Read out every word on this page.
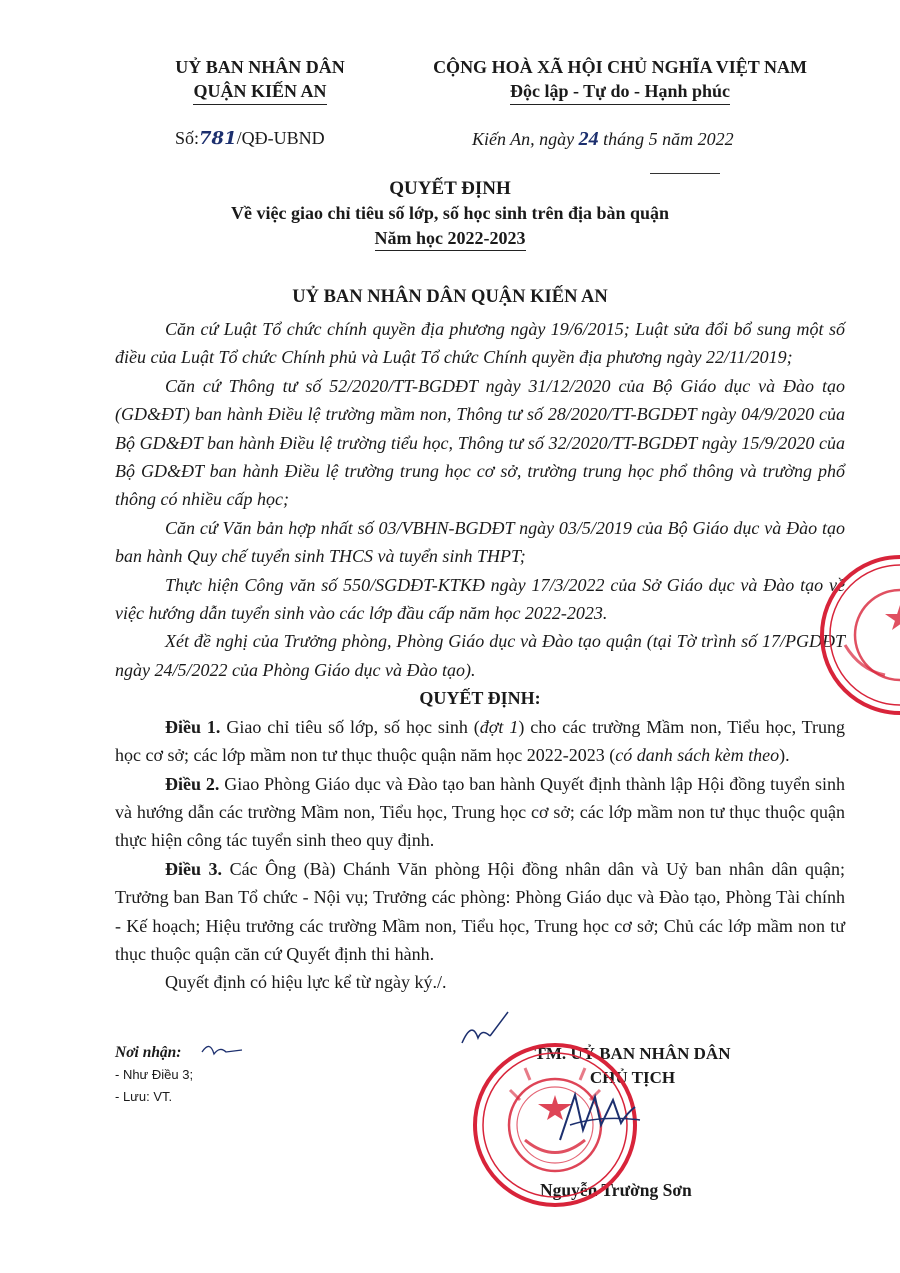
UỶ BAN NHÂN DÂN
QUẬN KIẾN AN
CỘNG HOÀ XÃ HỘI CHỦ NGHĨA VIỆT NAM
Độc lập - Tự do - Hạnh phúc
Số:781/QĐ-UBND	Kiến An, ngày 24 tháng 5 năm 2022
QUYẾT ĐỊNH
Về việc giao chỉ tiêu số lớp, số học sinh trên địa bàn quận
Năm học 2022-2023
UỶ BAN NHÂN DÂN QUẬN KIẾN AN

Căn cứ Luật Tổ chức chính quyền địa phương ngày 19/6/2015; Luật sửa đổi bổ sung một số điều của Luật Tổ chức Chính phủ và Luật Tổ chức Chính quyền địa phương ngày 22/11/2019;

Căn cứ Thông tư số 52/2020/TT-BGDĐT ngày 31/12/2020 của Bộ Giáo dục và Đào tạo (GD&ĐT) ban hành Điều lệ trường mầm non, Thông tư số 28/2020/TT-BGDĐT ngày 04/9/2020 của Bộ GD&ĐT ban hành Điều lệ trường tiểu học, Thông tư số 32/2020/TT-BGDĐT ngày 15/9/2020 của Bộ GD&ĐT ban hành Điều lệ trường trung học cơ sở, trường trung học phổ thông và trường phổ thông có nhiều cấp học;

Căn cứ Văn bản hợp nhất số 03/VBHN-BGDĐT ngày 03/5/2019 của Bộ Giáo dục và Đào tạo ban hành Quy chế tuyển sinh THCS và tuyển sinh THPT;

Thực hiện Công văn số 550/SGDĐT-KTKĐ ngày 17/3/2022 của Sở Giáo dục và Đào tạo về việc hướng dẫn tuyển sinh vào các lớp đầu cấp năm học 2022-2023.

Xét đề nghị của Trưởng phòng, Phòng Giáo dục và Đào tạo quận (tại Tờ trình số 17/PGDĐT ngày 24/5/2022 của Phòng Giáo dục và Đào tạo).

QUYẾT ĐỊNH:

Điều 1. Giao chỉ tiêu số lớp, số học sinh (đợt 1) cho các trường Mầm non, Tiểu học, Trung học cơ sở; các lớp mầm non tư thục thuộc quận năm học 2022-2023 (có danh sách kèm theo).

Điều 2. Giao Phòng Giáo dục và Đào tạo ban hành Quyết định thành lập Hội đồng tuyển sinh và hướng dẫn các trường Mầm non, Tiểu học, Trung học cơ sở; các lớp mầm non tư thục thuộc quận thực hiện công tác tuyển sinh theo quy định.

Điều 3. Các Ông (Bà) Chánh Văn phòng Hội đồng nhân dân và Uỷ ban nhân dân quận; Trưởng ban Ban Tổ chức - Nội vụ; Trưởng các phòng: Phòng Giáo dục và Đào tạo, Phòng Tài chính - Kế hoạch; Hiệu trưởng các trường Mầm non, Tiểu học, Trung học cơ sở; Chủ các lớp mầm non tư thục thuộc quận căn cứ Quyết định thi hành.

Quyết định có hiệu lực kể từ ngày ký./.

Nơi nhận:
- Như Điều 3;
- Lưu: VT.
TM. UỶ BAN NHÂN DÂN
CHỦ TỊCH
Nguyễn Trường Sơn
